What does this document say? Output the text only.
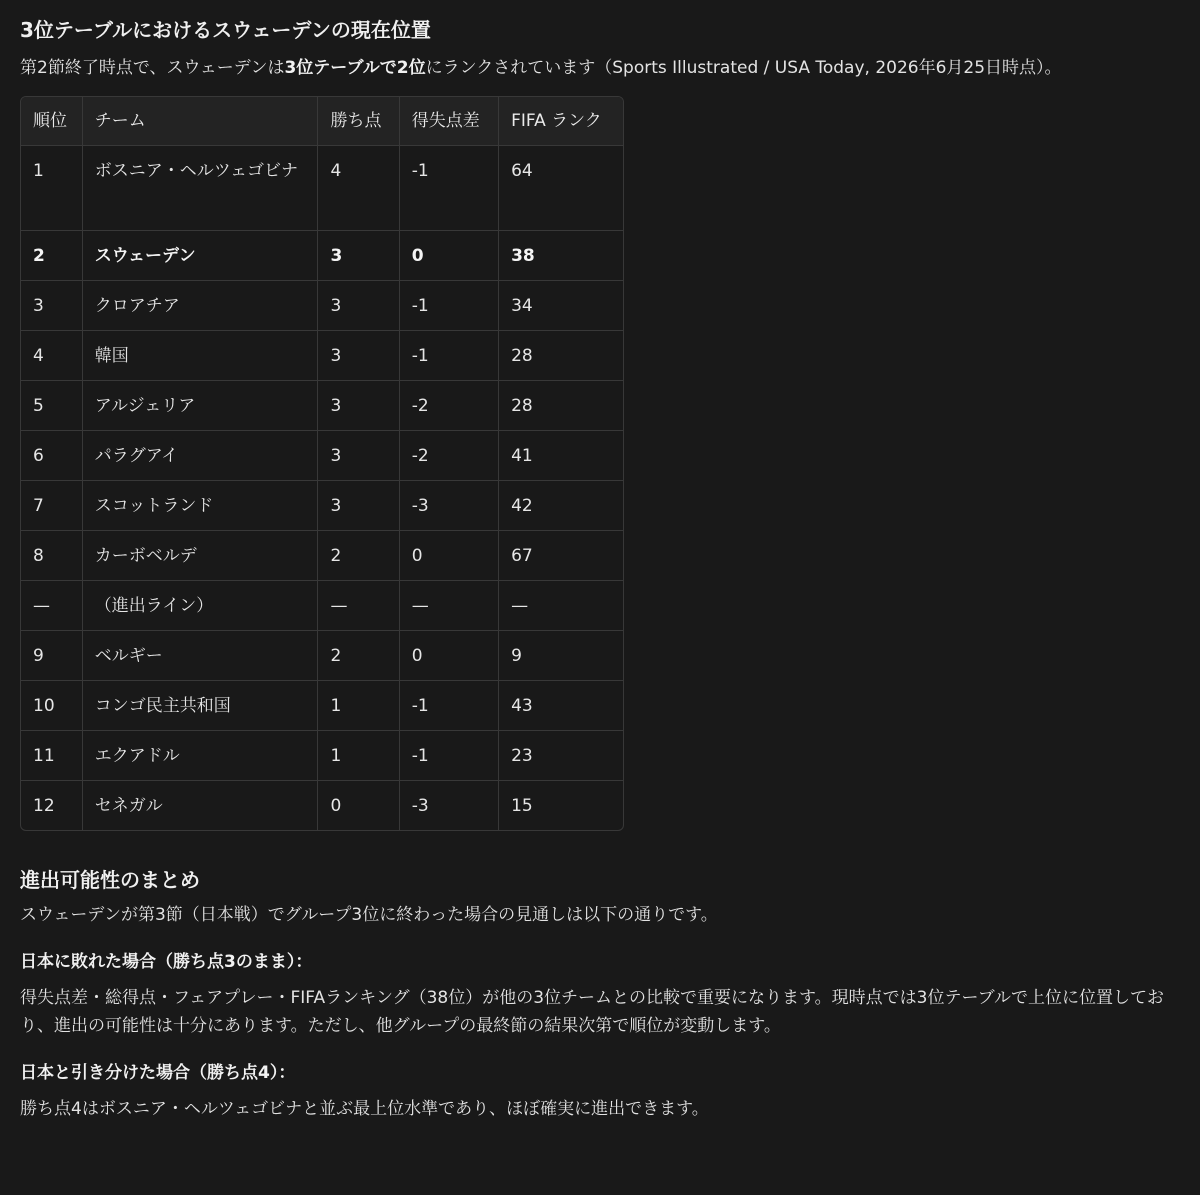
3位テーブルにおけるスウェーデンの現在位置

第2節終了時点で、スウェーデンは3位テーブルで2位にランクされています（Sports Illustrated / USA Today, 2026年6月25日時点）。

順位	チーム	勝ち点	得失点差	FIFA ランク
1	ボスニア・ヘルツェゴビナ	4	-1	64
2	スウェーデン	3	0	38
3	クロアチア	3	-1	34
4	韓国	3	-1	28
5	アルジェリア	3	-2	28
6	パラグアイ	3	-2	41
7	スコットランド	3	-3	42
8	カーボベルデ	2	0	67
—	（進出ライン）	—	—	—
9	ベルギー	2	0	9
10	コンゴ民主共和国	1	-1	43
11	エクアドル	1	-1	23
12	セネガル	0	-3	15
進出可能性のまとめ

スウェーデンが第3節（日本戦）でグループ3位に終わった場合の見通しは以下の通りです。

日本に敗れた場合（勝ち点3のまま）：

得失点差・総得点・フェアプレー・FIFAランキング（38位）が他の3位チームとの比較で重要になります。現時点では3位テーブルで上位に位置しており、進出の可能性は十分にあります。ただし、他グループの最終節の結果次第で順位が変動します。

日本と引き分けた場合（勝ち点4）：

勝ち点4はボスニア・ヘルツェゴビナと並ぶ最上位水準であり、ほぼ確実に進出できます。
